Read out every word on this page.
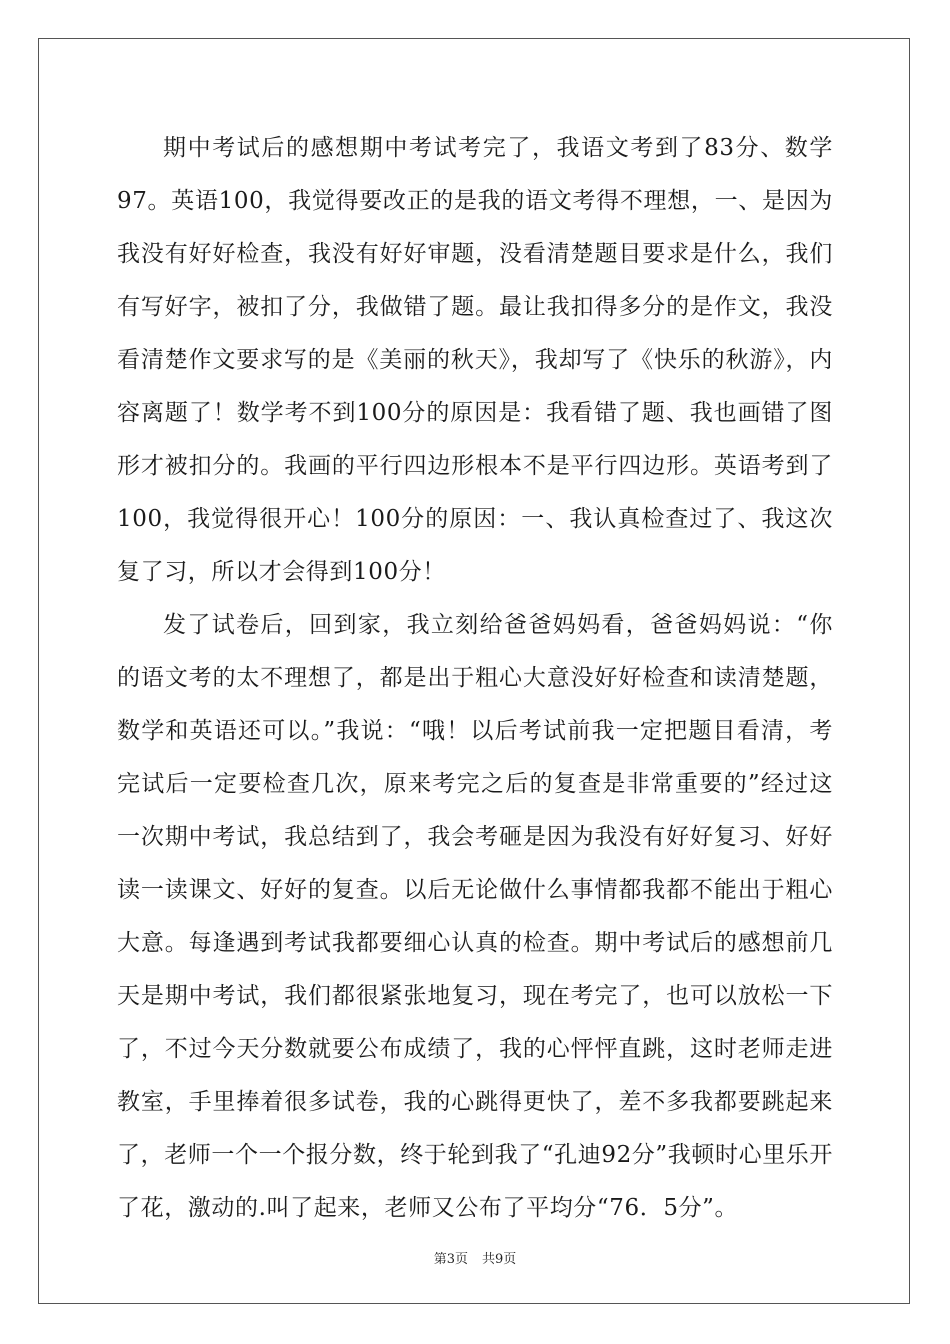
期中考试后的感想期中考试考完了，我语文考到了83分、数学97。英语100，我觉得要改正的是我的语文考得不理想，一、是因为我没有好好检查，我没有好好审题，没看清楚题目要求是什么，我们有写好字，被扣了分，我做错了题。最让我扣得多分的是作文，我没看清楚作文要求写的是《美丽的秋天》，我却写了《快乐的秋游》，内容离题了！数学考不到100分的原因是：我看错了题、我也画错了图形才被扣分的。我画的平行四边形根本不是平行四边形。英语考到了100，我觉得很开心！100分的原因：一、我认真检查过了、我这次复了习，所以才会得到100分！

发了试卷后，回到家，我立刻给爸爸妈妈看，爸爸妈妈说：“你的语文考的太不理想了，都是出于粗心大意没好好检查和读清楚题，数学和英语还可以。”我说：“哦！以后考试前我一定把题目看清，考完试后一定要检查几次，原来考完之后的复查是非常重要的”经过这一次期中考试，我总结到了，我会考砸是因为我没有好好复习、好好读一读课文、好好的复查。以后无论做什么事情都我都不能出于粗心大意。每逢遇到考试我都要细心认真的检查。期中考试后的感想前几天是期中考试，我们都很紧张地复习，现在考完了，也可以放松一下了，不过今天分数就要公布成绩了，我的心怦怦直跳，这时老师走进教室，手里捧着很多试卷，我的心跳得更快了，差不多我都要跳起来了，老师一个一个报分数，终于轮到我了“孔迪92分”我顿时心里乐开了花，激动的.叫了起来，老师又公布了平均分“76．5分”。

第3页 共9页
